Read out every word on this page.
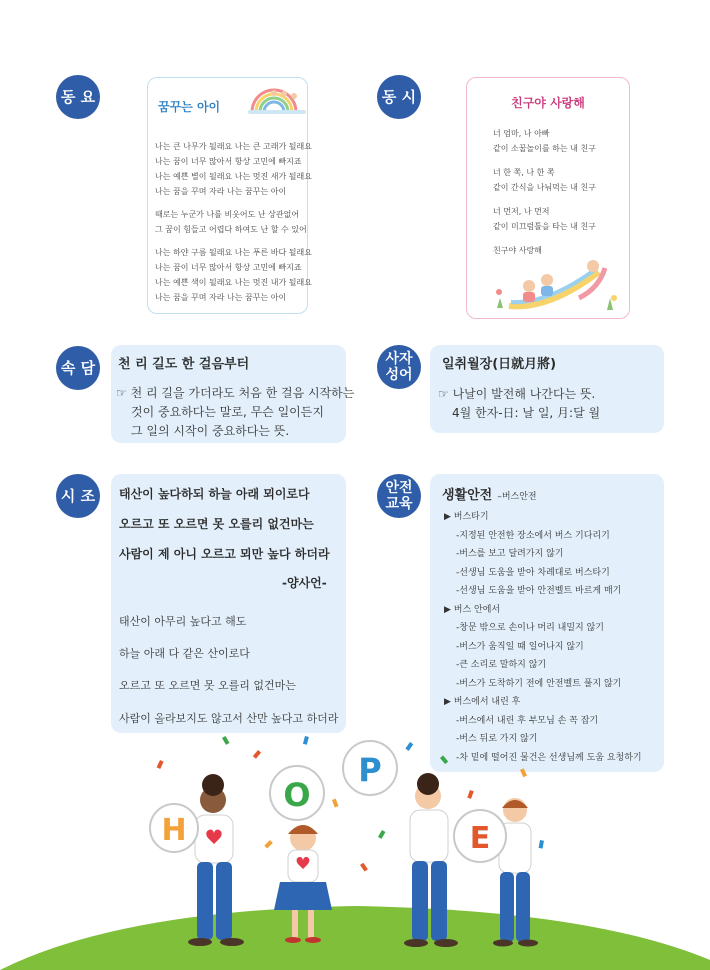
동 요
꿈꾸는 아이
나는 큰 나무가 될래요 나는 큰 고래가 될래요
나는 꿈이 너무 많아서 항상 고민에 빠지죠
나는 예쁜 별이 될래요 나는 멋진 새가 될래요
나는 꿈을 꾸며 자라 나는 꿈꾸는 아이
때로는 누군가 나를 비웃어도 난 상관없어
그 꿈이 힘들고 어렵다 하여도 난 할 수 있어
나는 하얀 구름 될래요 나는 푸른 바다 될래요
나는 꿈이 너무 많아서 항상 고민에 빠지죠
나는 예쁜 색이 될래요 나는 멋진 내가 될래요
나는 꿈을 꾸며 자라 나는 꿈꾸는 아이
동 시	친구야 사랑해
너 엄마, 나 아빠
같이 소꿉놀이를 하는 내 친구
너 한 쪽, 나 한 쪽
같이 간식을 나눠먹는 내 친구
너 먼저, 나 먼저
같이 미끄럼틀을 타는 내 친구
친구야 사랑해
속 담	천 리 길도 한 걸음부터
☞ 천 리 길을 가더라도 처음 한 걸음 시작하는
것이 중요하다는 말로, 무슨 일이든지
그 일의 시작이 중요하다는 뜻.
사자
성어
일취월장(日就月將)
☞ 나날이 발전해 나간다는 뜻.
4월 한자-日: 날 일, 月:달 월
시 조	태산이 높다하되 하늘 아래 뫼이로다
오르고 또 오르면 못 오를리 없건마는
사람이 제 아니 오르고 뫼만 높다 하더라
-양사언-
태산이 아무리 높다고 해도
하늘 아래 다 같은 산이로다
오르고 또 오르면 못 오를리 없건마는
사람이 올라보지도 않고서 산만 높다고 하더라
안전
교육
생활안전 –버스안전
▶ 버스타기
-지정된 안전한 장소에서 버스 기다리기
-버스를 보고 달려가지 않기
-선생님 도움을 받아 차례대로 버스타기
-선생님 도움을 받아 안전벨트 바르게 매기
▶ 버스 안에서
-창문 밖으로 손이나 머리 내밀지 않기
-버스가 움직일 때 일어나지 않기
-큰 소리로 말하지 않기
-버스가 도착하기 전에 안전벨트 풀지 않기
▶ 버스에서 내린 후
-버스에서 내린 후 부모님 손 꼭 잡기
-버스 뒤로 가지 않기
-차 밑에 떨어진 물건은 선생님께 도움 요청하기
H
O
P
E
